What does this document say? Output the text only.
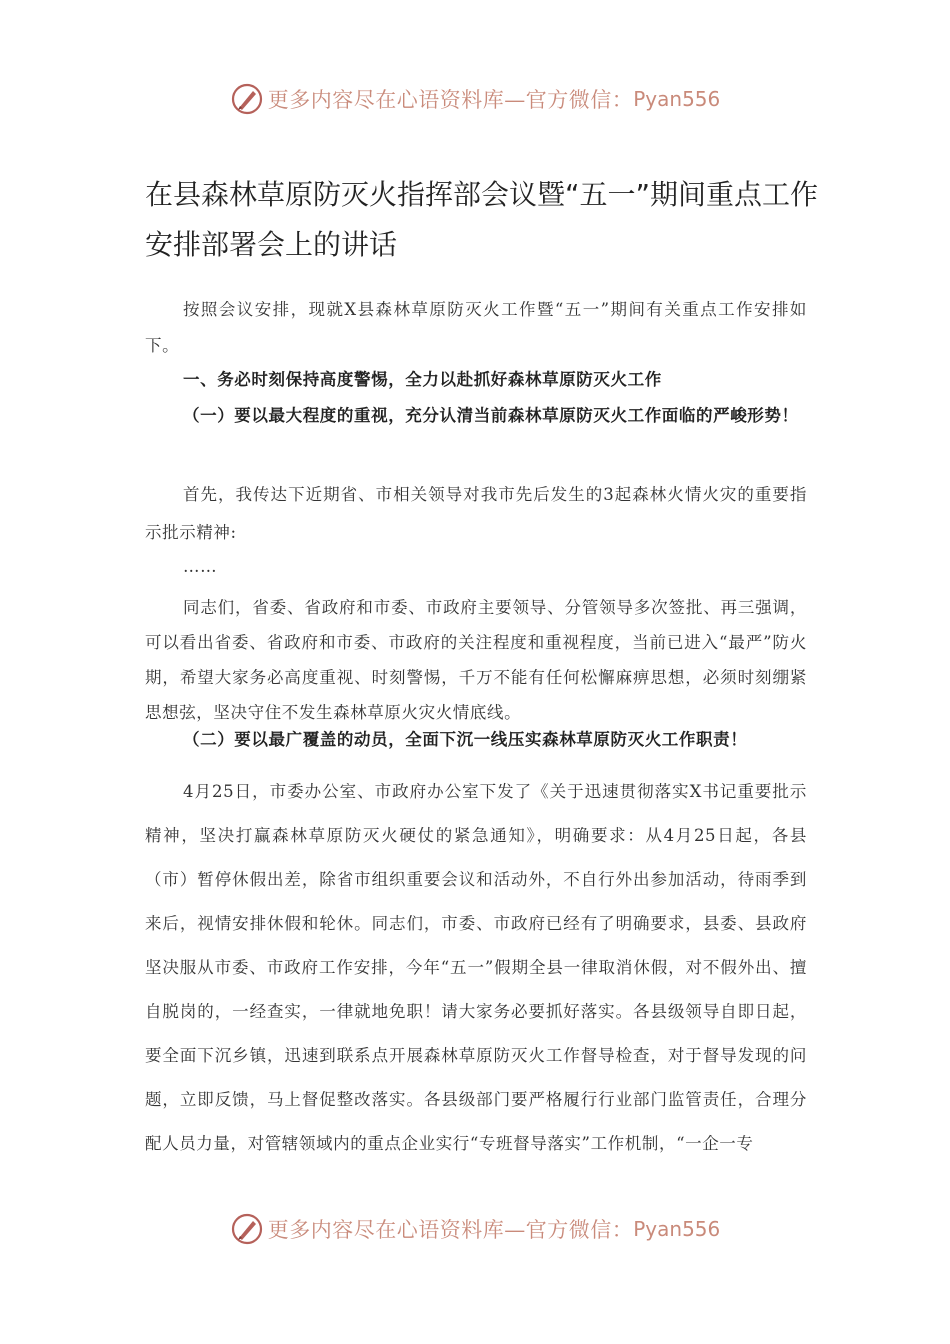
更多内容尽在心语资料库—官方微信： Pyan556
在县森林草原防灭火指挥部会议暨“五一”期间重点工作安排部署会上的讲话

按照会议安排，现就X县森林草原防灭火工作暨“五一”期间有关重点工作安排如下。

一、务必时刻保持高度警惕，全力以赴抓好森林草原防灭火工作

（一）要以最大程度的重视，充分认清当前森林草原防灭火工作面临的严峻形势！

首先，我传达下近期省、市相关领导对我市先后发生的3起森林火情火灾的重要指示批示精神:

……

同志们，省委、省政府和市委、市政府主要领导、分管领导多次签批、再三强调，可以看出省委、省政府和市委、市政府的关注程度和重视程度，当前已进入“最严”防火期，希望大家务必高度重视、时刻警惕，千万不能有任何松懈麻痹思想，必须时刻绷紧思想弦，坚决守住不发生森林草原火灾火情底线。

（二）要以最广覆盖的动员，全面下沉一线压实森林草原防灭火工作职责！

4月25日，市委办公室、市政府办公室下发了《关于迅速贯彻落实X书记重要批示精神，坚决打赢森林草原防灭火硬仗的紧急通知》，明确要求：从4月25日起，各县（市）暂停休假出差，除省市组织重要会议和活动外，不自行外出参加活动，待雨季到来后，视情安排休假和轮休。同志们，市委、市政府已经有了明确要求，县委、县政府坚决服从市委、市政府工作安排，今年“五一”假期全县一律取消休假，对不假外出、擅自脱岗的，一经查实，一律就地免职！请大家务必要抓好落实。各县级领导自即日起，要全面下沉乡镇，迅速到联系点开展森林草原防灭火工作督导检查，对于督导发现的问题，立即反馈，马上督促整改落实。各县级部门要严格履行行业部门监管责任，合理分配人员力量，对管辖领域内的重点企业实行“专班督导落实”工作机制，“一企一专

更多内容尽在心语资料库—官方微信： Pyan556
